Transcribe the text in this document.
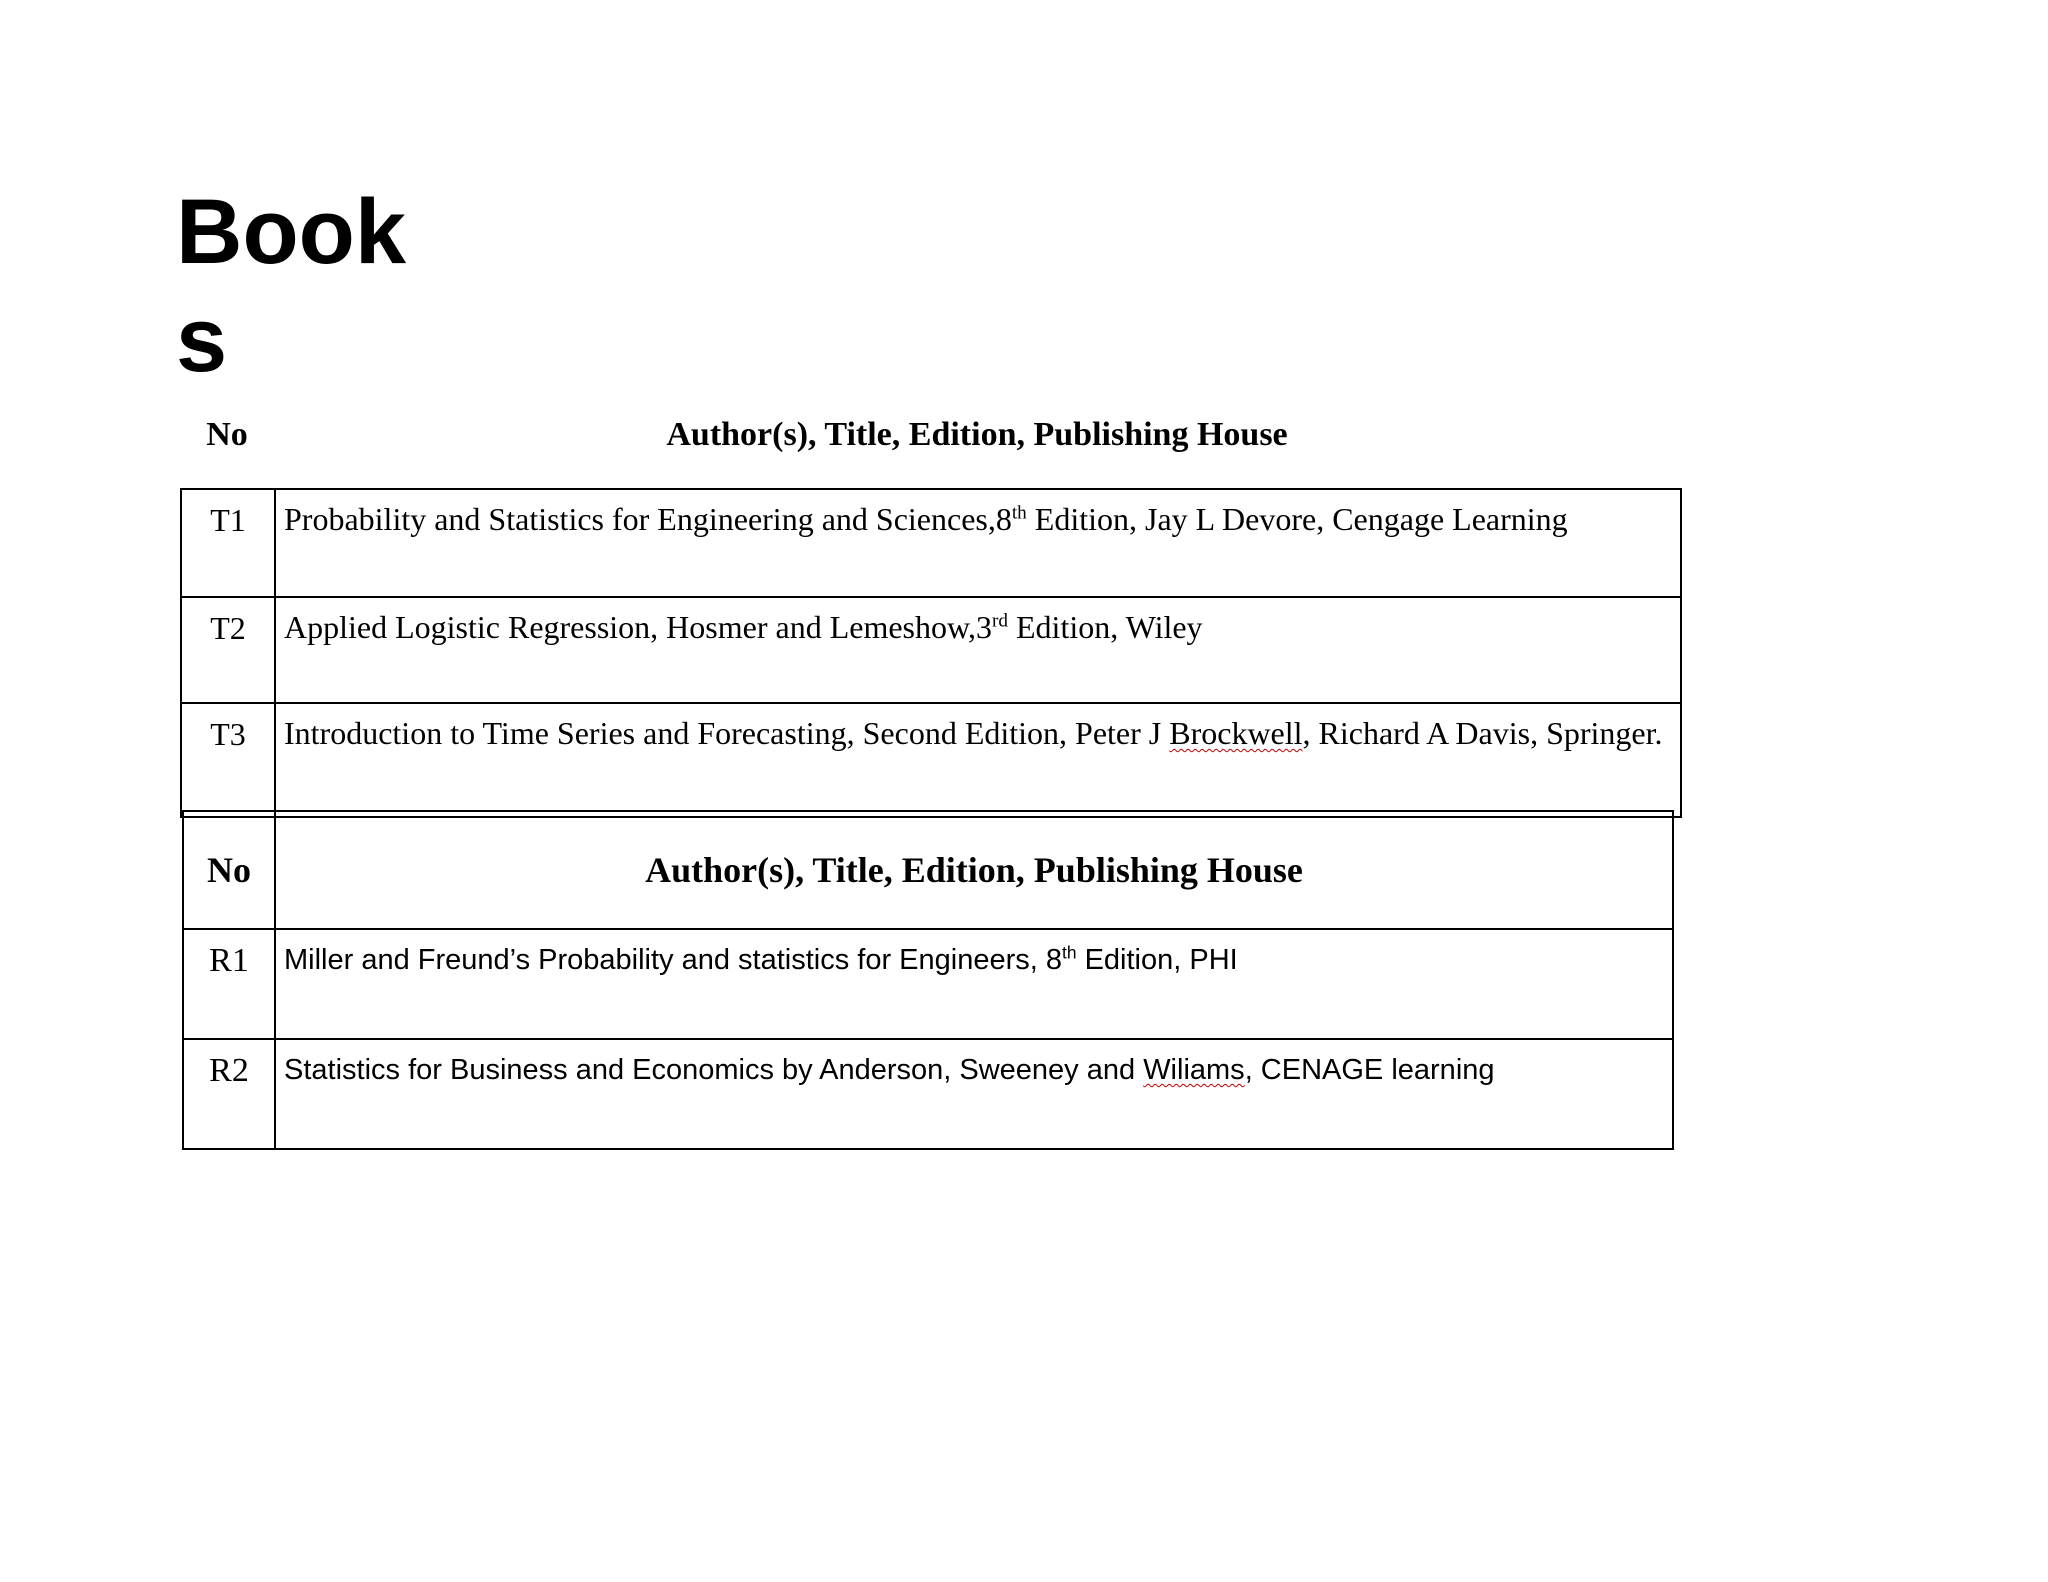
Book
s
No	Author(s), Title, Edition, Publishing House
T1	Probability and Statistics for Engineering and Sciences,8th Edition, Jay L Devore, Cengage Learning
T2	Applied Logistic Regression, Hosmer and Lemeshow,3rd Edition, Wiley
T3	Introduction to Time Series and Forecasting, Second Edition, Peter J Brockwell, Richard A Davis, Springer.
No	Author(s), Title, Edition, Publishing House
R1	Miller and Freund’s Probability and statistics for Engineers, 8th Edition, PHI
R2	Statistics for Business and Economics by Anderson, Sweeney and Wiliams, CENAGE learning
